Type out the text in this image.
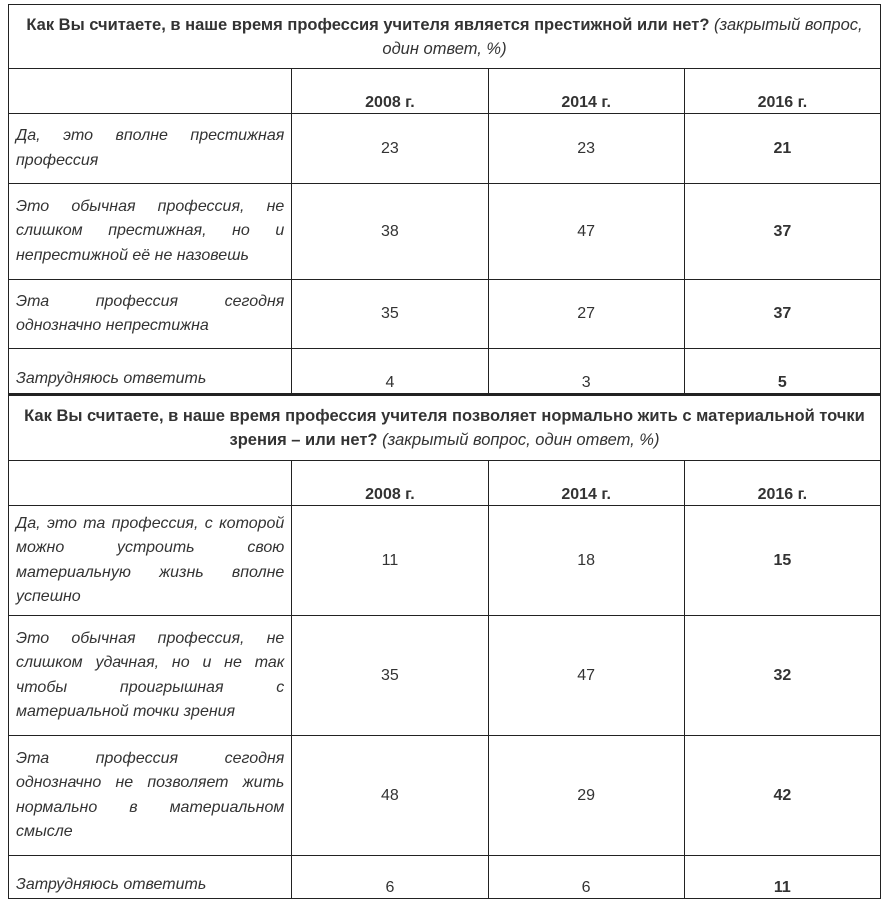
Как Вы считаете, в наше время профессия учителя является престижной или нет? (закрытый вопрос, один ответ, %)			
	2008 г.	2014 г.	2016 г.
Да, это вполне престижная профессия	23	23	21
Это обычная профессия, не слишком престижная, но и непрестижной её не назовешь	38	47	37
Эта профессия сегодня однозначно непрестижна	35	27	37
Затрудняюсь ответить	4	3	5
Как Вы считаете, в наше время профессия учителя позволяет нормально жить с материальной точки зрения – или нет? (закрытый вопрос, один ответ, %)			
	2008 г.	2014 г.	2016 г.
Да, это та профессия, с которой можно устроить свою материальную жизнь вполне успешно	11	18	15
Это обычная профессия, не слишком удачная, но и не так чтобы проигрышная с материальной точки зрения	35	47	32
Эта профессия сегодня однозначно не позволяет жить нормально в материальном смысле	48	29	42
Затрудняюсь ответить	6	6	11
